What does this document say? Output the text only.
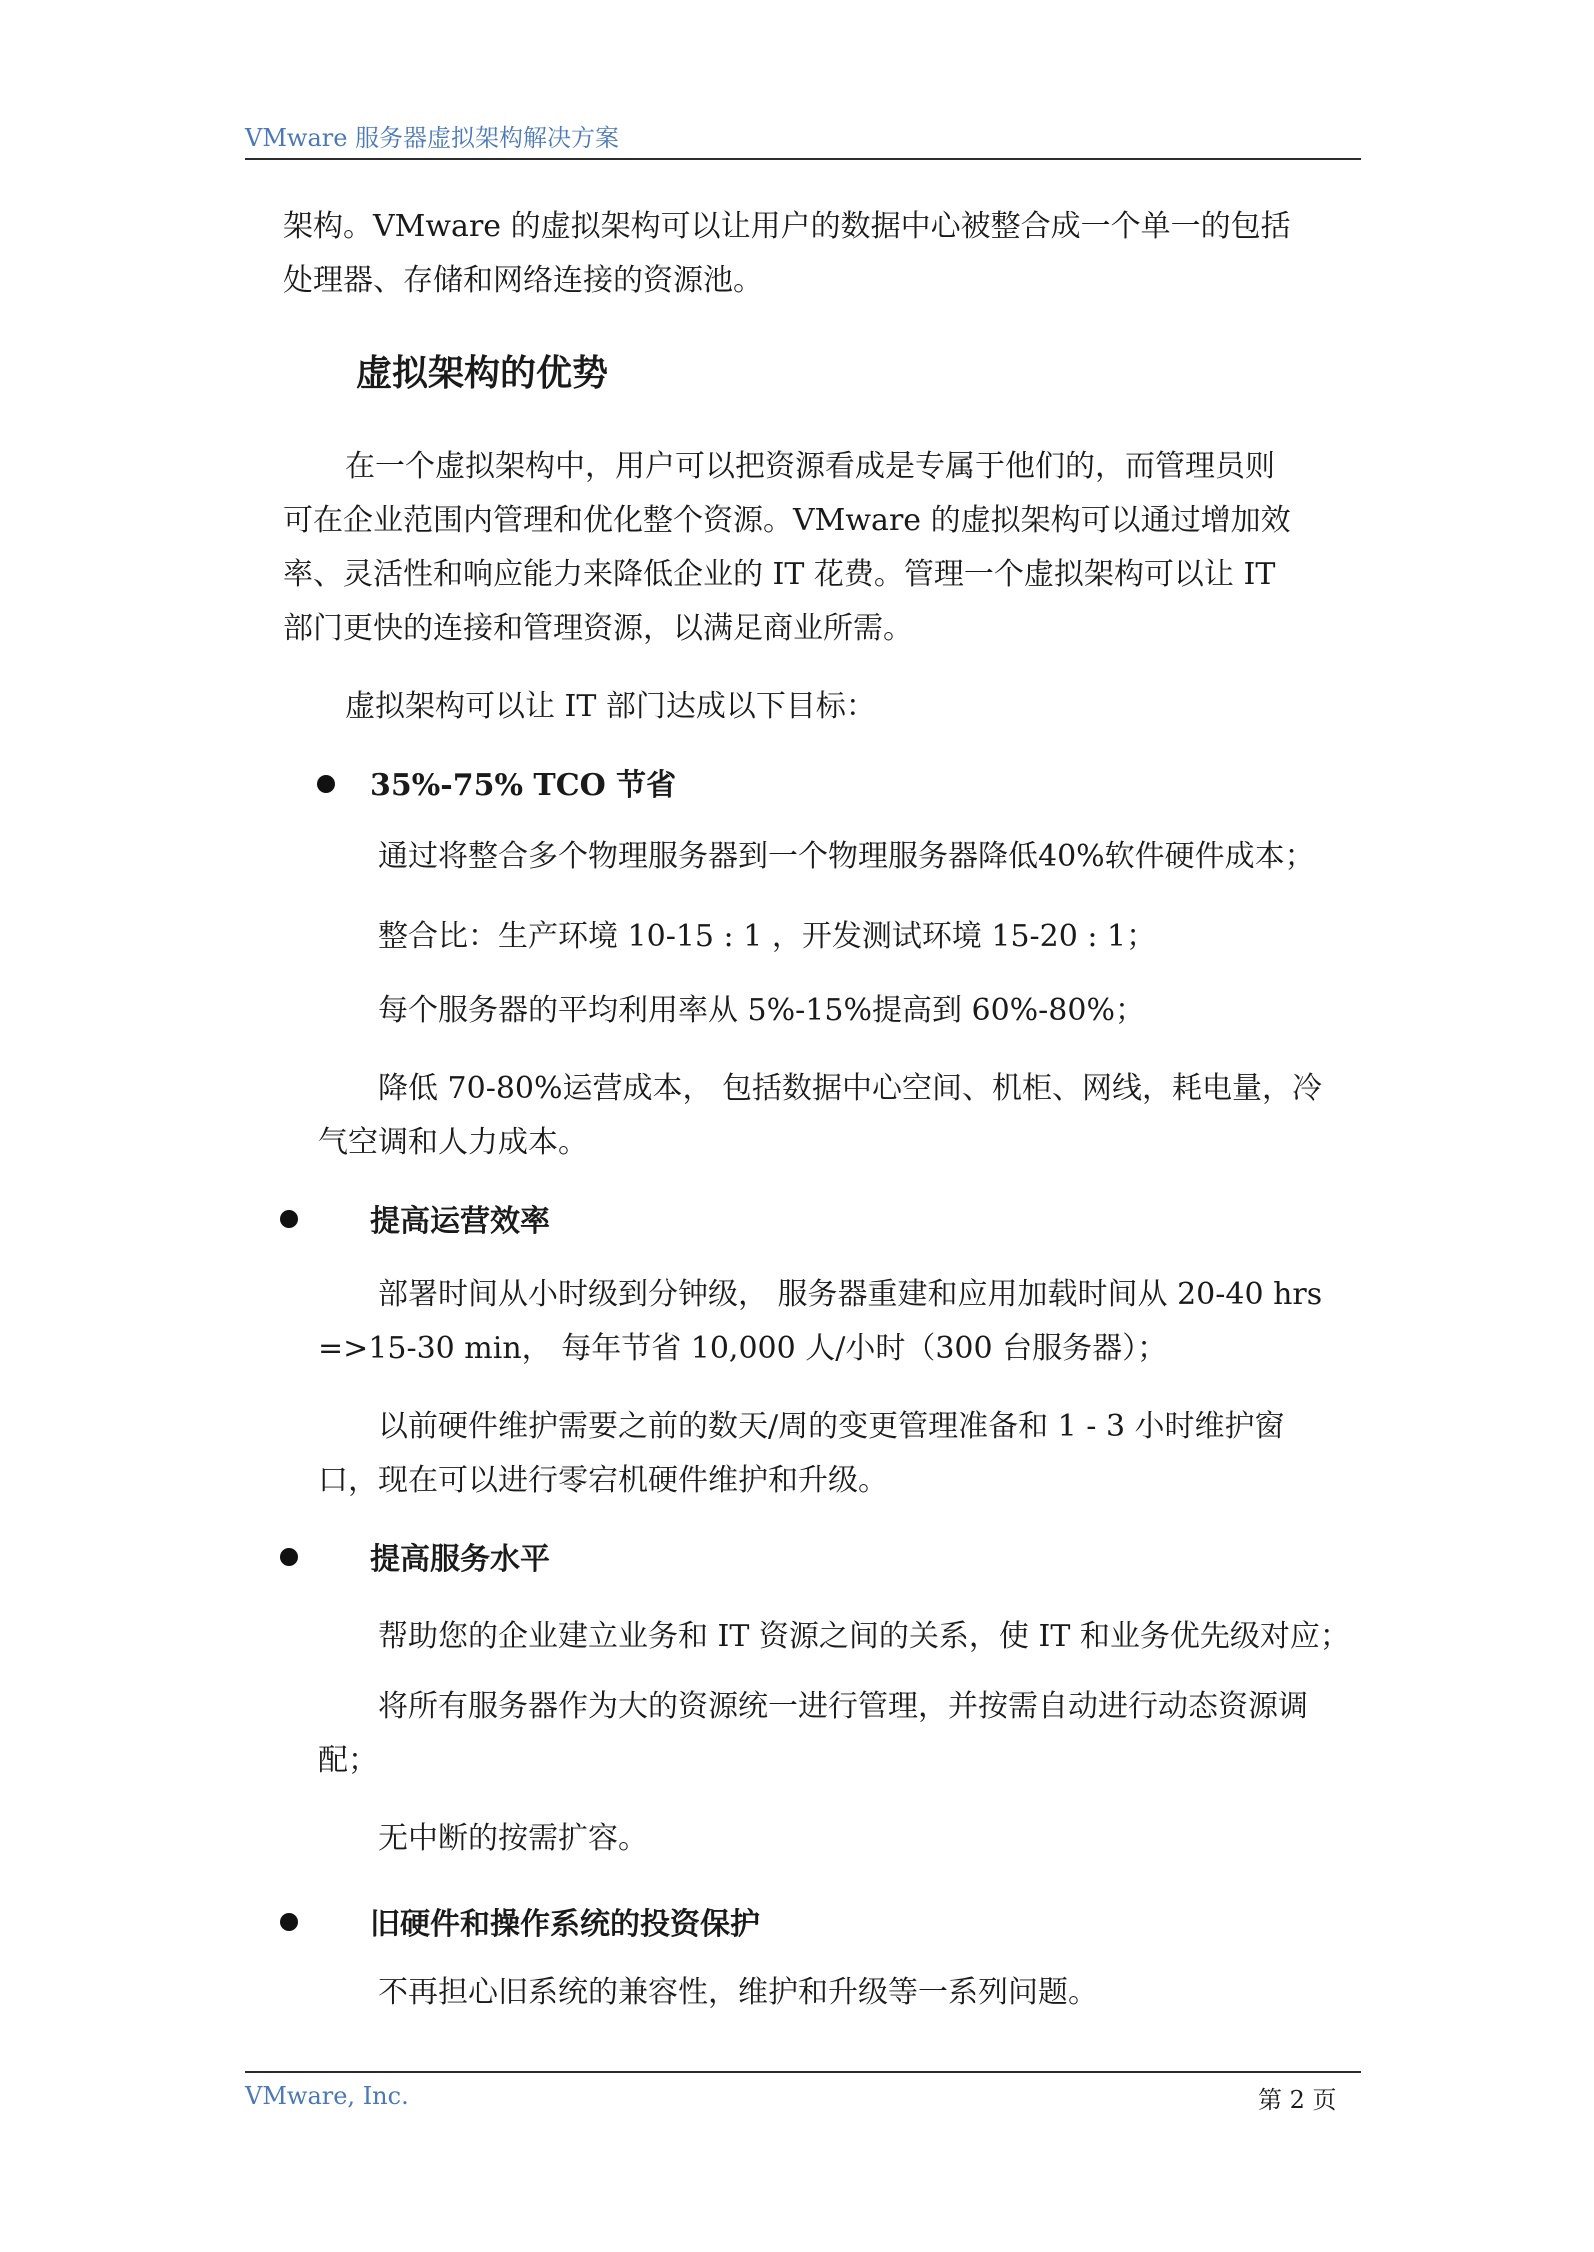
VMware 服务器虚拟架构解决方案

架构。VMware 的虚拟架构可以让用户的数据中心被整合成一个单一的包括
处理器、存储和网络连接的资源池。

虚拟架构的优势

在一个虚拟架构中，用户可以把资源看成是专属于他们的，而管理员则
可在企业范围内管理和优化整个资源。VMware 的虚拟架构可以通过增加效
率、灵活性和响应能力来降低企业的 IT 花费。管理一个虚拟架构可以让 IT
部门更快的连接和管理资源，以满足商业所需。

虚拟架构可以让 IT 部门达成以下目标：

35%-75% TCO 节省

通过将整合多个物理服务器到一个物理服务器降低40%软件硬件成本；

整合比：生产环境 10-15 : 1 ，开发测试环境 15-20 : 1；

每个服务器的平均利用率从 5%-15%提高到 60%-80%；

降低 70-80%运营成本， 包括数据中心空间、机柜、网线，耗电量，冷
气空调和人力成本。

提高运营效率

部署时间从小时级到分钟级， 服务器重建和应用加载时间从 20-40 hrs
=>15-30 min， 每年节省 10,000 人/小时（300 台服务器）；

以前硬件维护需要之前的数天/周的变更管理准备和 1 - 3 小时维护窗
口，现在可以进行零宕机硬件维护和升级。

提高服务水平

帮助您的企业建立业务和 IT 资源之间的关系，使 IT 和业务优先级对应；

将所有服务器作为大的资源统一进行管理，并按需自动进行动态资源调
配；

无中断的按需扩容。

旧硬件和操作系统的投资保护

不再担心旧系统的兼容性，维护和升级等一系列问题。

VMware, Inc.	第 2 页
